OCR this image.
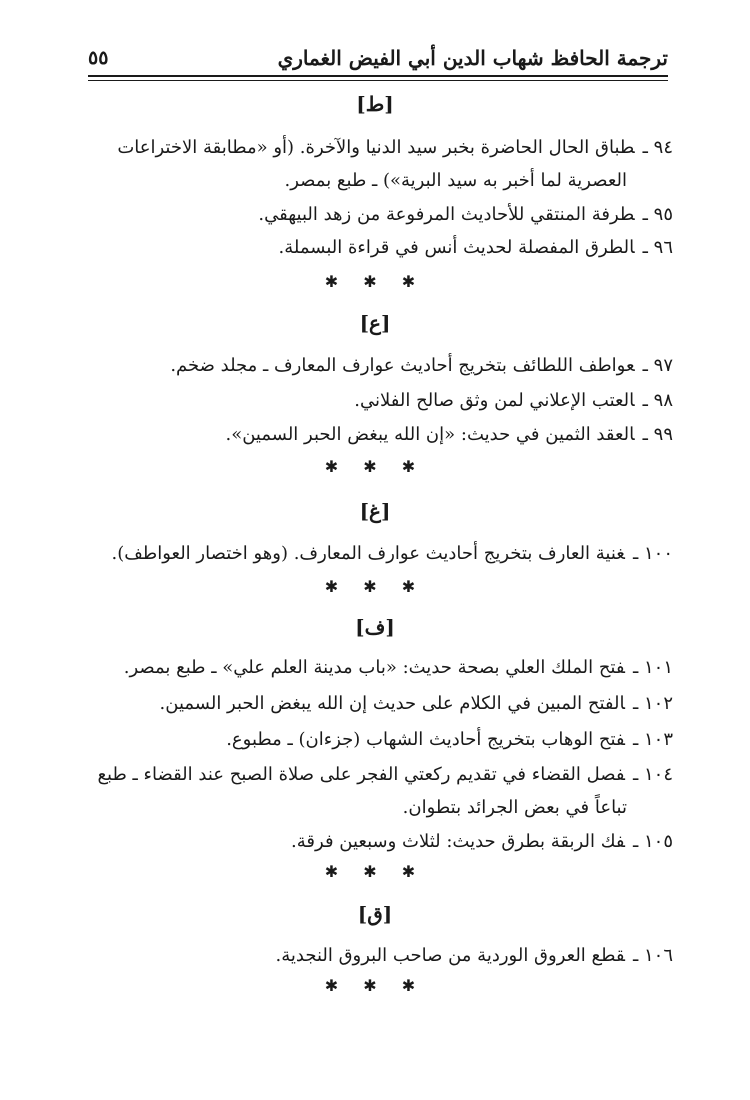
ترجمة الحافظ شهاب الدين أبي الفيض الغماري
٥٥
[ط]
٩٤ ـطباق الحال الحاضرة بخبر سيد الدنيا والآخرة. (أو «مطابقة الاختراعات
العصرية لما أخبر به سيد البرية») ـ طبع بمصر.
٩٥ ـطرفة المنتقي للأحاديث المرفوعة من زهد البيهقي.
٩٦ ـالطرق المفصلة لحديث أنس في قراءة البسملة.
✱ ✱ ✱
[ع]
٩٧ ـعواطف اللطائف بتخريج أحاديث عوارف المعارف ـ مجلد ضخم.
٩٨ ـالعتب الإعلاني لمن وثق صالح الفلاني.
٩٩ ـالعقد الثمين في حديث: «إن الله يبغض الحبر السمين».
✱ ✱ ✱
[غ]
١٠٠ ـغنية العارف بتخريج أحاديث عوارف المعارف. (وهو اختصار العواطف).
✱ ✱ ✱
[ف]
١٠١ ـفتح الملك العلي بصحة حديث: «باب مدينة العلم علي» ـ طبع بمصر.
١٠٢ ـالفتح المبين في الكلام على حديث إن الله يبغض الحبر السمين.
١٠٣ ـفتح الوهاب بتخريج أحاديث الشهاب (جزءان) ـ مطبوع.
١٠٤ ـفصل القضاء في تقديم ركعتي الفجر على صلاة الصبح عند القضاء ـ طبع
تباعاً في بعض الجرائد بتطوان.
١٠٥ ـفك الربقة بطرق حديث: لثلاث وسبعين فرقة.
✱ ✱ ✱
[ق]
١٠٦ ـقطع العروق الوردية من صاحب البروق النجدية.
✱ ✱ ✱
